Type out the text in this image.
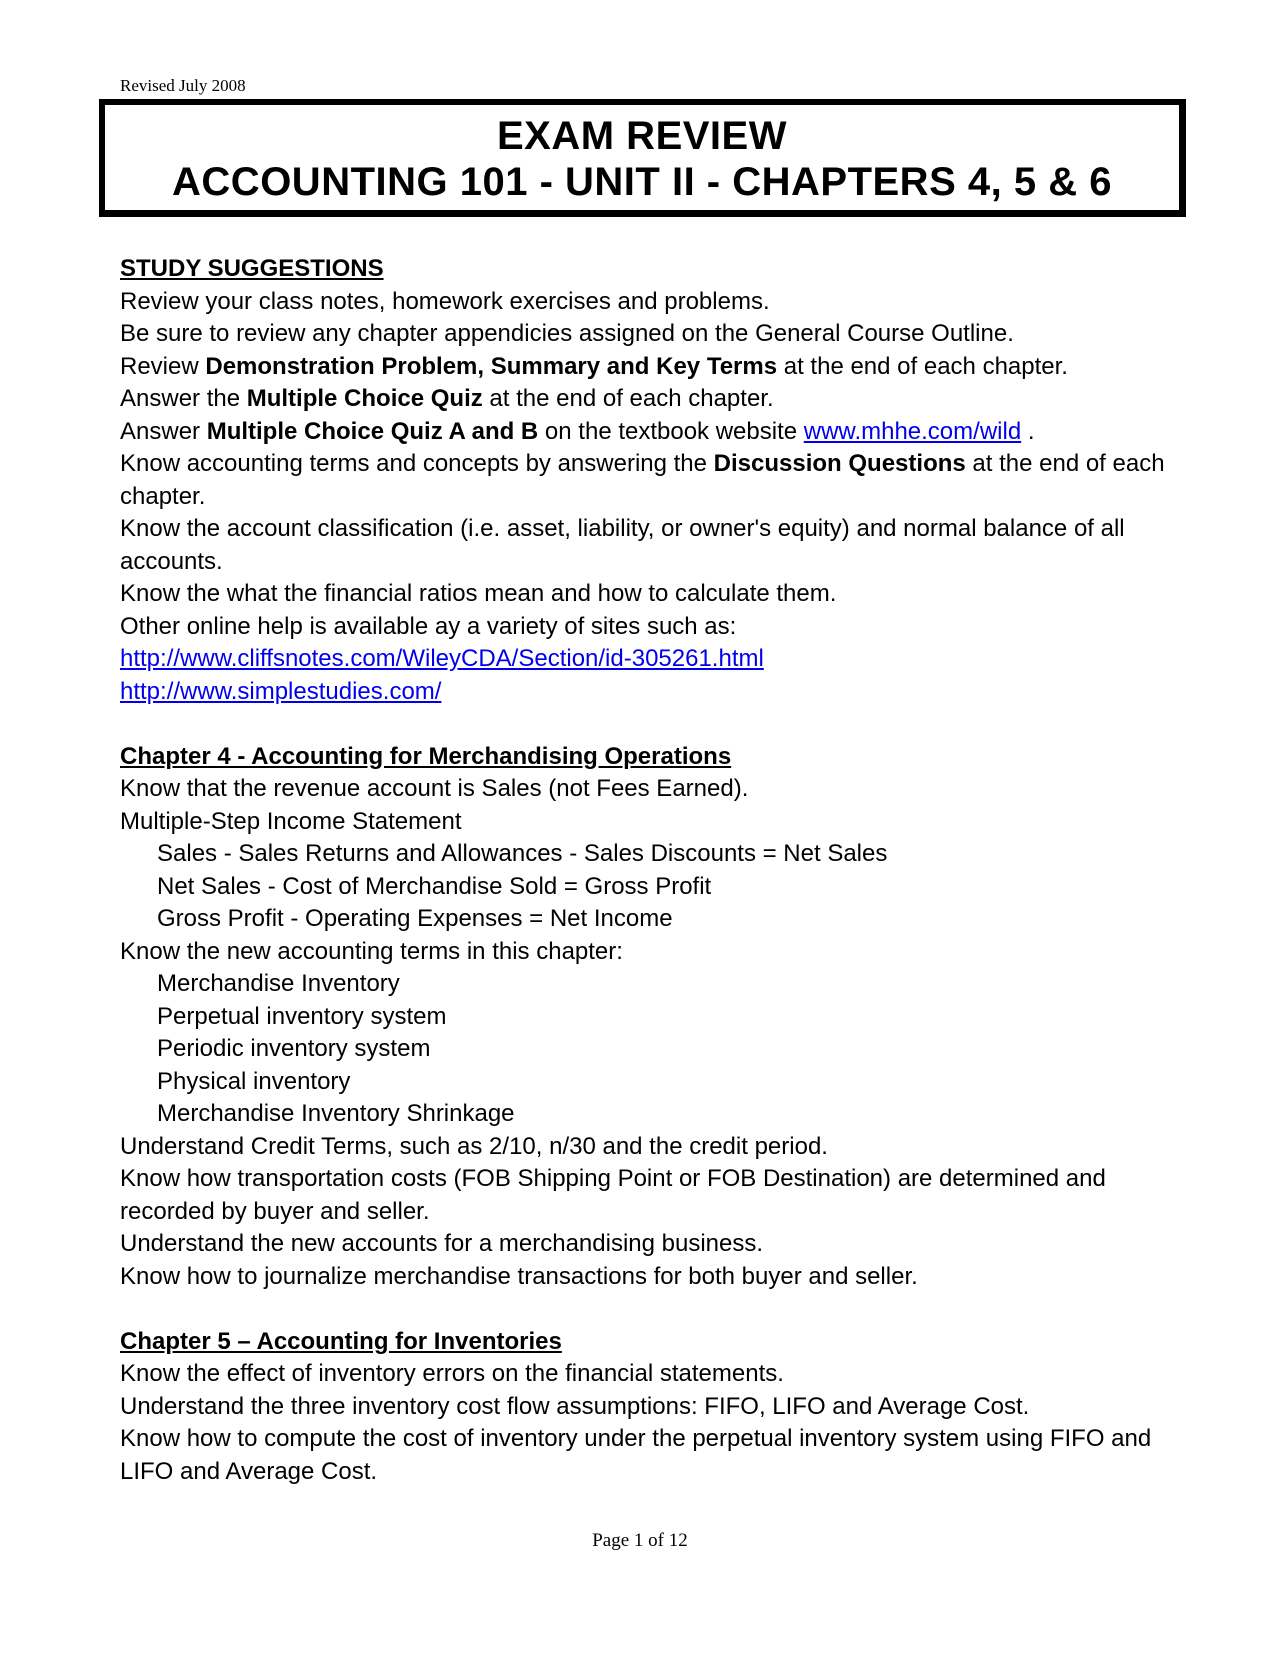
Revised July 2008
EXAM REVIEW
ACCOUNTING 101 - UNIT II - CHAPTERS 4, 5 & 6
STUDY SUGGESTIONS
Review your class notes, homework exercises and problems.
Be sure to review any chapter appendicies assigned on the General Course Outline.
Review Demonstration Problem, Summary and Key Terms at the end of each chapter.
Answer the Multiple Choice Quiz at the end of each chapter.
Answer Multiple Choice Quiz A and B on the textbook website www.mhhe.com/wild .
Know accounting terms and concepts by answering the Discussion Questions at the end of each chapter.
Know the account classification (i.e. asset, liability, or owner's equity) and normal balance of all accounts.
Know the what the financial ratios mean and how to calculate them.
Other online help is available ay a variety of sites such as:
http://www.cliffsnotes.com/WileyCDA/Section/id-305261.html
http://www.simplestudies.com/
Chapter 4 - Accounting for Merchandising Operations
Know that the revenue account is Sales (not Fees Earned).
Multiple-Step Income Statement
Sales - Sales Returns and Allowances - Sales Discounts = Net Sales
Net Sales - Cost of Merchandise Sold = Gross Profit
Gross Profit - Operating Expenses = Net Income
Know the new accounting terms in this chapter:
Merchandise Inventory
Perpetual inventory system
Periodic inventory system
Physical inventory
Merchandise Inventory Shrinkage
Understand Credit Terms, such as 2/10, n/30 and the credit period.
Know how transportation costs (FOB Shipping Point or FOB Destination) are determined and recorded by buyer and seller.
Understand the new accounts for a merchandising business.
Know how to journalize merchandise transactions for both buyer and seller.
Chapter 5 – Accounting for Inventories
Know the effect of inventory errors on the financial statements.
Understand the three inventory cost flow assumptions: FIFO, LIFO and Average Cost.
Know how to compute the cost of inventory under the perpetual inventory system using FIFO and LIFO and Average Cost.
Page 1 of 12
